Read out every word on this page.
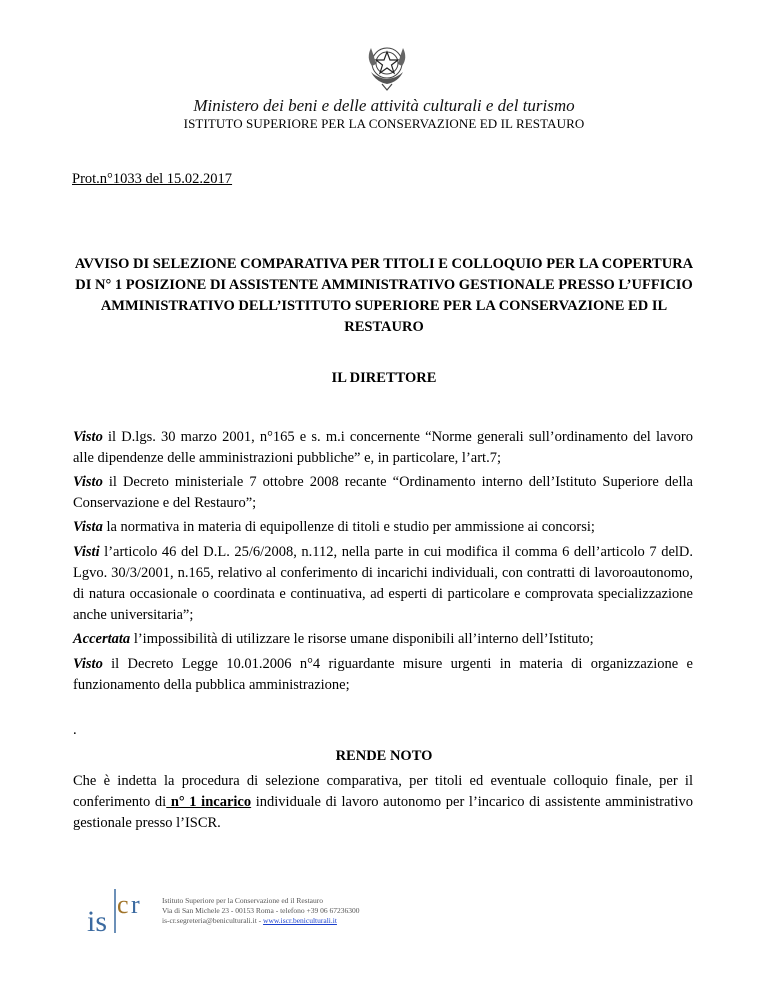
Ministero dei beni e delle attività culturali e del turismo
ISTITUTO SUPERIORE PER LA CONSERVAZIONE ED IL RESTAURO
Prot.n°1033 del 15.02.2017
AVVISO DI SELEZIONE COMPARATIVA PER TITOLI E COLLOQUIO PER LA COPERTURA DI N° 1 POSIZIONE DI ASSISTENTE AMMINISTRATIVO GESTIONALE PRESSO L’UFFICIO AMMINISTRATIVO DELL’ISTITUTO SUPERIORE PER LA CONSERVAZIONE ED IL RESTAURO
IL DIRETTORE
Visto il D.lgs. 30 marzo 2001, n°165 e s. m.i concernente “Norme generali sull’ordinamento del lavoro alle dipendenze delle amministrazioni pubbliche” e, in particolare, l’art.7;
Visto il Decreto ministeriale 7 ottobre 2008 recante “Ordinamento interno dell’Istituto Superiore della Conservazione e del Restauro”;
Vista la normativa in materia di equipollenze di titoli e studio per ammissione ai concorsi;
Visti l’articolo 46 del D.L. 25/6/2008, n.112, nella parte in cui modifica il comma 6 dell’articolo 7 delD. Lgvo. 30/3/2001, n.165, relativo al conferimento di incarichi individuali, con contratti di lavoroautonomo, di natura occasionale o coordinata e continuativa, ad esperti di particolare e comprovata specializzazione anche universitaria”;
Accertata l’impossibilità di utilizzare le risorse umane disponibili all’interno dell’Istituto;
Visto il Decreto Legge 10.01.2006 n°4 riguardante misure urgenti in materia di organizzazione e funzionamento della pubblica amministrazione;
.
RENDE NOTO
Che è indetta la procedura di selezione comparativa, per titoli ed eventuale colloquio finale, per il conferimento di n° 1 incarico individuale di lavoro autonomo per l’incarico di assistente amministrativo gestionale presso l’ISCR.
is
c r
iscr
Istituto Superiore per la Conservazione ed il Restauro
Via di San Michele 23 - 00153 Roma - telefono +39 06 67236300
is-cr.segreteria@beniculturali.it - www.iscr.beniculturali.it
